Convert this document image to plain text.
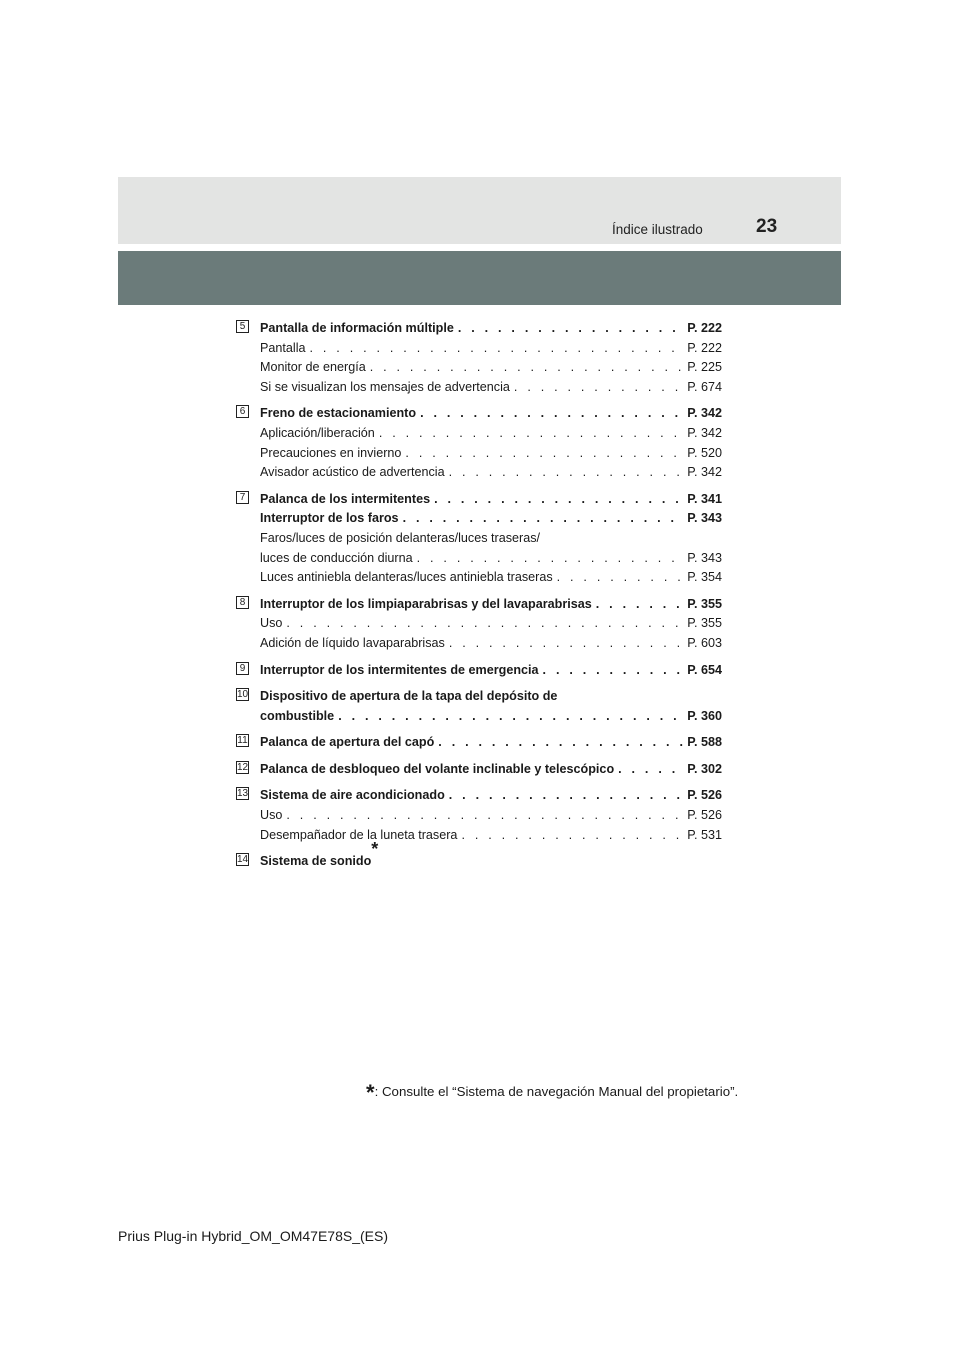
Índice ilustrado	23
5 Pantalla de información múltiple . . .	P. 222
Pantalla . . .	P. 222
Monitor de energía . . .	P. 225
Si se visualizan los mensajes de advertencia . . .	P. 674
6 Freno de estacionamiento . . .	P. 342
Aplicación/liberación . . .	P. 342
Precauciones en invierno . . .	P. 520
Avisador acústico de advertencia . . .	P. 342
7 Palanca de los intermitentes . . .	P. 341
Interruptor de los faros . . .	P. 343
Faros/luces de posición delanteras/luces traseras/
luces de conducción diurna . . .	P. 343
Luces antiniebla delanteras/luces antiniebla traseras . . .	P. 354
8 Interruptor de los limpiaparabrisas y del lavaparabrisas . . .	P. 355
Uso . . .	P. 355
Adición de líquido lavaparabrisas . . .	P. 603
9 Interruptor de los intermitentes de emergencia . . .	P. 654
10 Dispositivo de apertura de la tapa del depósito de
combustible . . .	P. 360
11 Palanca de apertura del capó . . .	P. 588
12 Palanca de desbloqueo del volante inclinable y telescópico . . .	P. 302
13 Sistema de aire acondicionado . . .	P. 526
Uso . . .	P. 526
Desempañador de la luneta trasera . . .	P. 531
14 Sistema de sonido
*
*: Consulte el “Sistema de navegación Manual del propietario”.
Prius Plug-in Hybrid_OM_OM47E78S_(ES)
